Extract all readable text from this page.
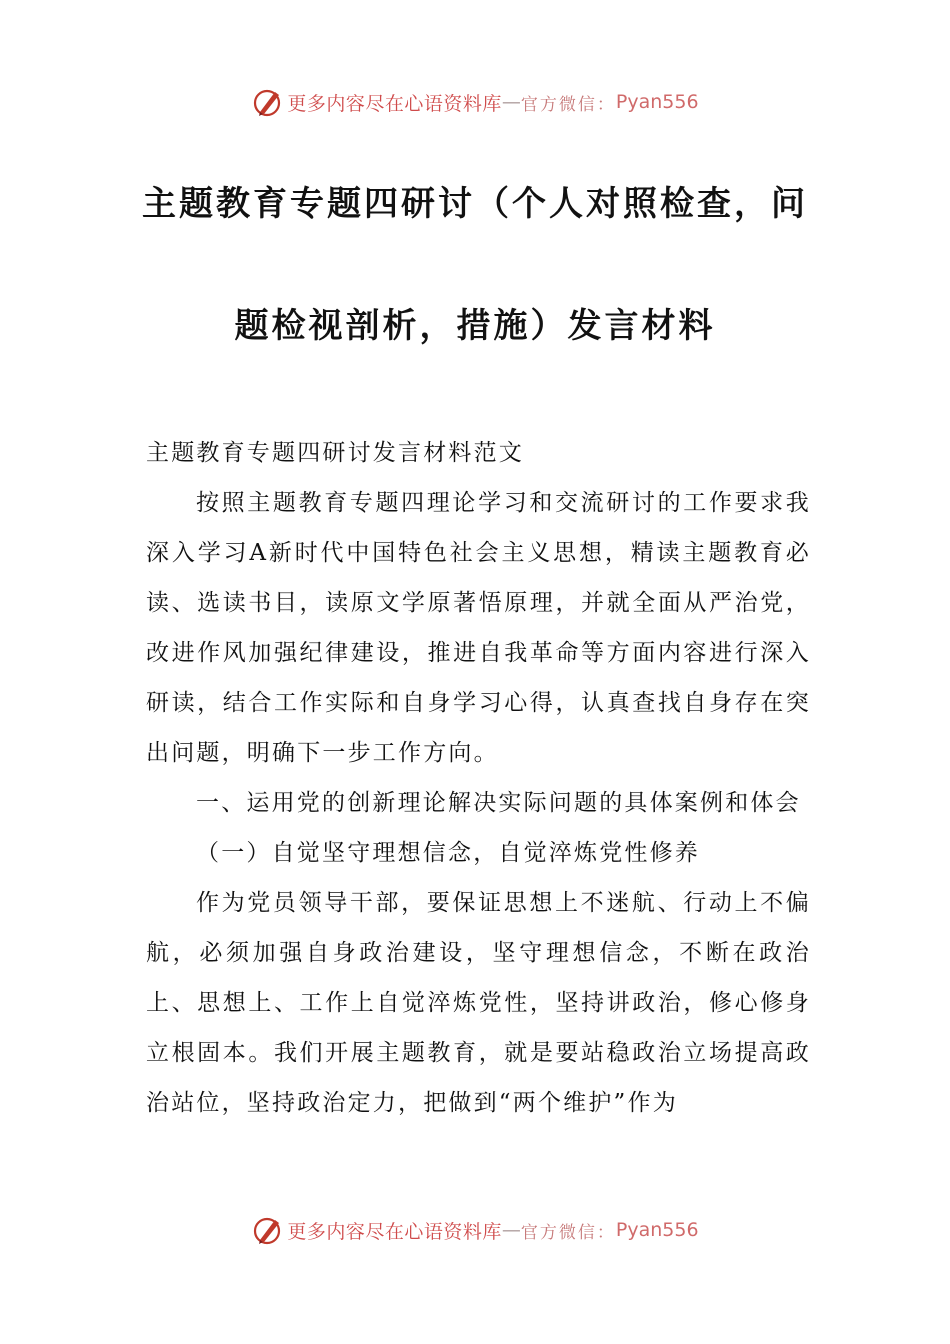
更多内容尽在心语资料库 — 官方微信： Pyan556
主题教育专题四研讨（个人对照检查，问
题检视剖析，措施）发言材料

主题教育专题四研讨发言材料范文

按照主题教育专题四理论学习和交流研讨的工作要求我深入学习A新时代中国特色社会主义思想，精读主题教育必读、选读书目，读原文学原著悟原理，并就全面从严治党，改进作风加强纪律建设，推进自我革命等方面内容进行深入研读，结合工作实际和自身学习心得，认真查找自身存在突出问题，明确下一步工作方向。

一、运用党的创新理论解决实际问题的具体案例和体会

（一）自觉坚守理想信念，自觉淬炼党性修养

作为党员领导干部，要保证思想上不迷航、行动上不偏航，必须加强自身政治建设，坚守理想信念，不断在政治上、思想上、工作上自觉淬炼党性，坚持讲政治，修心修身立根固本。我们开展主题教育，就是要站稳政治立场提高政治站位，坚持政治定力，把做到“两个维护”作为

更多内容尽在心语资料库 — 官方微信： Pyan556
